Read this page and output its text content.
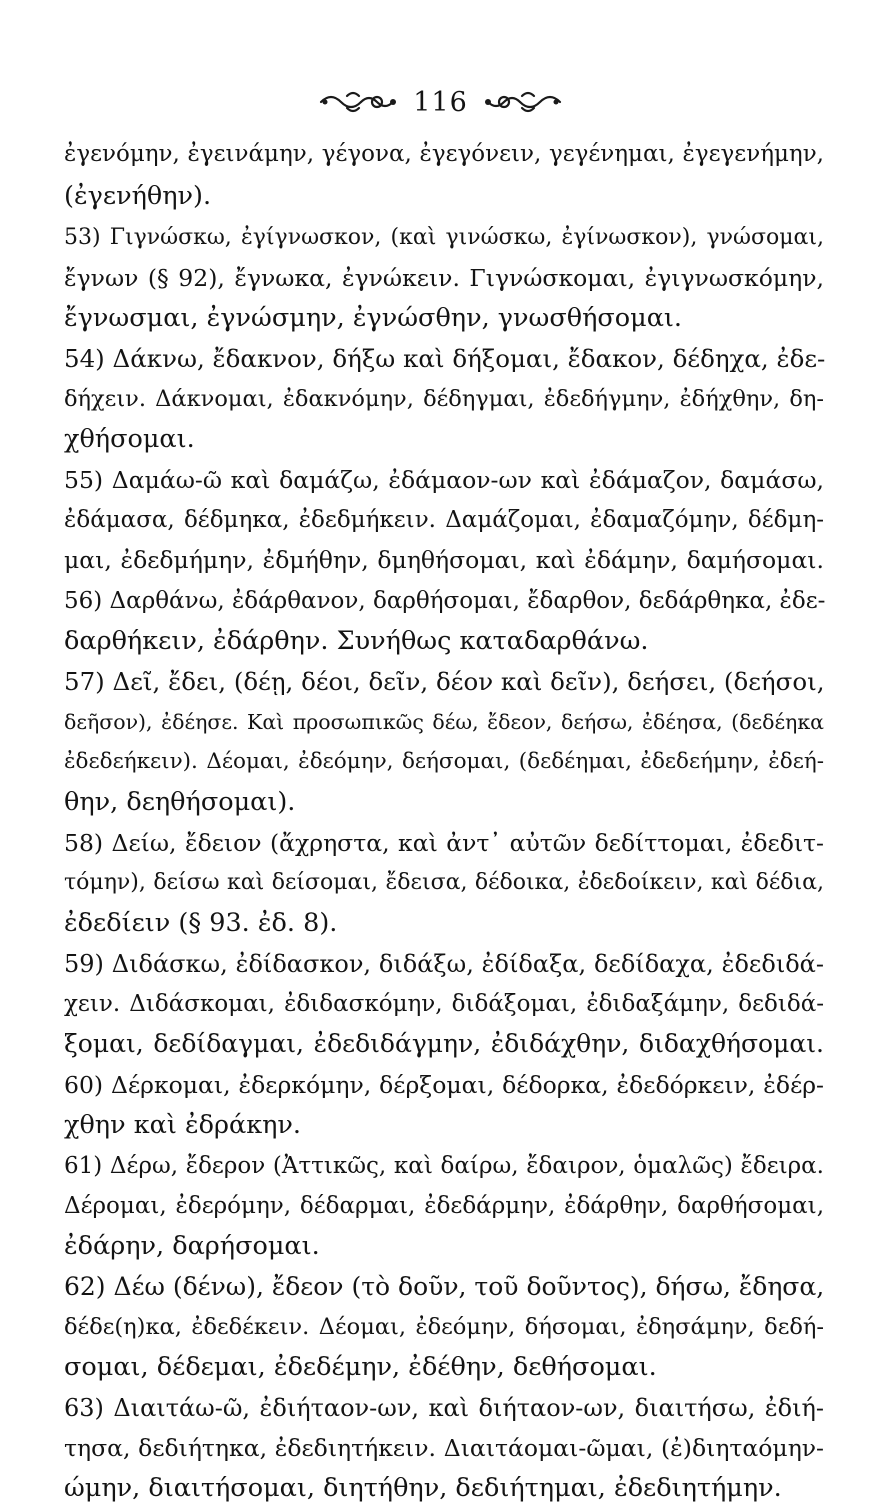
116
ἐγενόμην, ἐγεινάμην, γέγονα, ἐγεγόνειν, γεγένημαι, ἐγεγενήμην,
(ἐγενήθην).
53) Γιγνώσκω, ἐγίγνωσκον, (καὶ γινώσκω, ἐγίνωσκον), γνώσομαι,
ἔγνων (§ 92), ἔγνωκα, ἐγνώκειν. Γιγνώσκομαι, ἐγιγνωσκόμην,
ἔγνωσμαι, ἐγνώσμην, ἐγνώσθην, γνωσθήσομαι.
54) Δάκνω, ἔδακνον, δήξω καὶ δήξομαι, ἔδακον, δέδηχα, ἐδε-
δήχειν. Δάκνομαι, ἐδακνόμην, δέδηγμαι, ἐδεδήγμην, ἐδήχθην, δη-
χθήσομαι.
55) Δαμάω-ῶ καὶ δαμάζω, ἐδάμαον-ων καὶ ἐδάμαζον, δαμάσω,
ἐδάμασα, δέδμηκα, ἐδεδμήκειν. Δαμάζομαι, ἐδαμαζόμην, δέδμη-
μαι, ἐδεδμήμην, ἐδμήθην, δμηθήσομαι, καὶ ἐδάμην, δαμήσομαι.
56) Δαρθάνω, ἐδάρθανον, δαρθήσομαι, ἔδαρθον, δεδάρθηκα, ἐδε-
δαρθήκειν, ἐδάρθην. Συνήθως καταδαρθάνω.
57) Δεῖ, ἔδει, (δέῃ, δέοι, δεῖν, δέον καὶ δεῖν), δεήσει, (δεήσοι,
δεῆσον), ἐδέησε. Καὶ προσωπικῶς δέω, ἔδεον, δεήσω, ἐδέησα, (δεδέηκα
ἐδεδεήκειν). Δέομαι, ἐδεόμην, δεήσομαι, (δεδέημαι, ἐδεδεήμην, ἐδεή-
θην, δεηθήσομαι).
58) Δείω, ἔδειον (ἄχρηστα, καὶ ἀντ᾽ αὐτῶν δεδίττομαι, ἐδεδιτ-
τόμην), δείσω καὶ δείσομαι, ἔδεισα, δέδοικα, ἐδεδοίκειν, καὶ δέδια,
ἐδεδίειν (§ 93. ἐδ. 8).
59) Διδάσκω, ἐδίδασκον, διδάξω, ἐδίδαξα, δεδίδαχα, ἐδεδιδά-
χειν. Διδάσκομαι, ἐδιδασκόμην, διδάξομαι, ἐδιδαξάμην, δεδιδά-
ξομαι, δεδίδαγμαι, ἐδεδιδάγμην, ἐδιδάχθην, διδαχθήσομαι.
60) Δέρκομαι, ἐδερκόμην, δέρξομαι, δέδορκα, ἐδεδόρκειν, ἐδέρ-
χθην καὶ ἐδράκην.
61) Δέρω, ἔδερον (Ἀττικῶς, καὶ δαίρω, ἔδαιρον, ὁμαλῶς) ἔδειρα.
Δέρομαι, ἐδερόμην, δέδαρμαι, ἐδεδάρμην, ἐδάρθην, δαρθήσομαι,
ἐδάρην, δαρήσομαι.
62) Δέω (δένω), ἔδεον (τὸ δοῦν, τοῦ δοῦντος), δήσω, ἔδησα,
δέδε(η)κα, ἐδεδέκειν. Δέομαι, ἐδεόμην, δήσομαι, ἐδησάμην, δεδή-
σομαι, δέδεμαι, ἐδεδέμην, ἐδέθην, δεθήσομαι.
63) Διαιτάω-ῶ, ἐδιήταον-ων, καὶ διήταον-ων, διαιτήσω, ἐδιή-
τησα, δεδιήτηκα, ἐδεδιητήκειν. Διαιτάομαι-ῶμαι, (ἐ)διηταόμην-
ώμην, διαιτήσομαι, διητήθην, δεδιήτημαι, ἐδεδιητήμην.
